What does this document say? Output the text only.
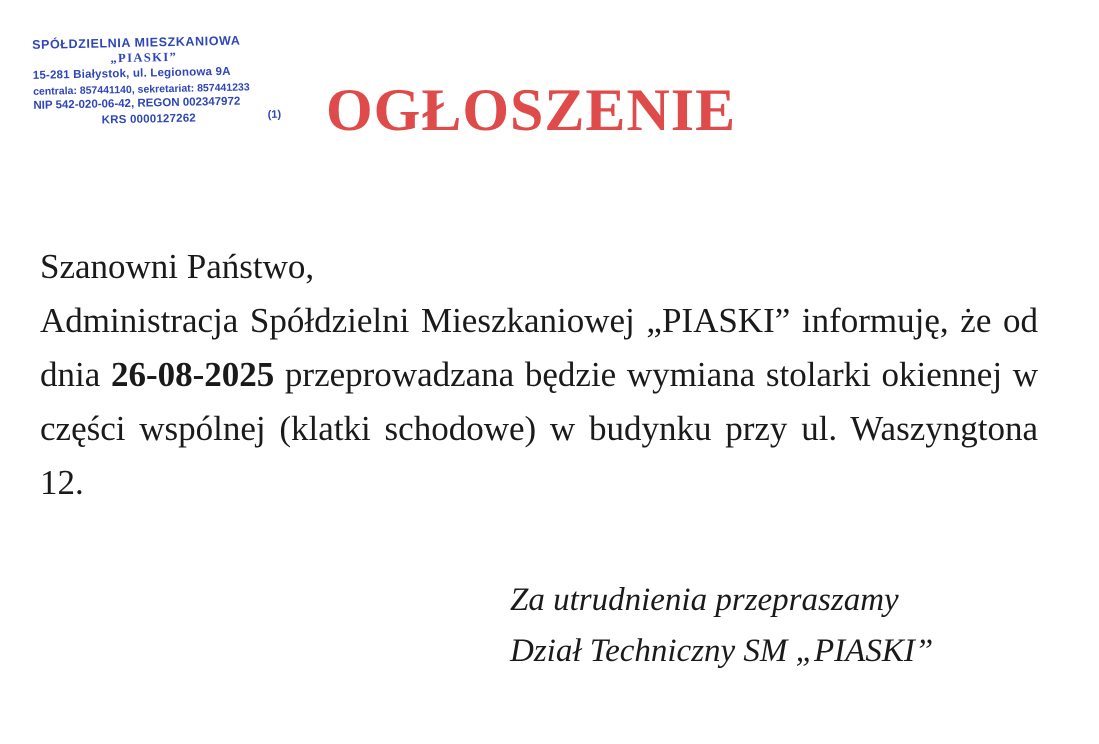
SPÓŁDZIELNIA MIESZKANIOWA
„PIASKI”
15-281 Białystok, ul. Legionowa 9A
centrala: 857441140, sekretariat: 857441233
NIP 542-020-06-42, REGON 002347972
KRS 0000127262	(1) OGŁOSZENIE
Szanowni Państwo,
Administracja Spółdzielni Mieszkaniowej „PIASKI” informuję, że od dnia 26-08-2025 przeprowadzana będzie wymiana stolarki okiennej w części wspólnej (klatki schodowe) w budynku przy ul. Waszyngtona 12.
Za utrudnienia przepraszamy
Dział Techniczny SM „PIASKI”
